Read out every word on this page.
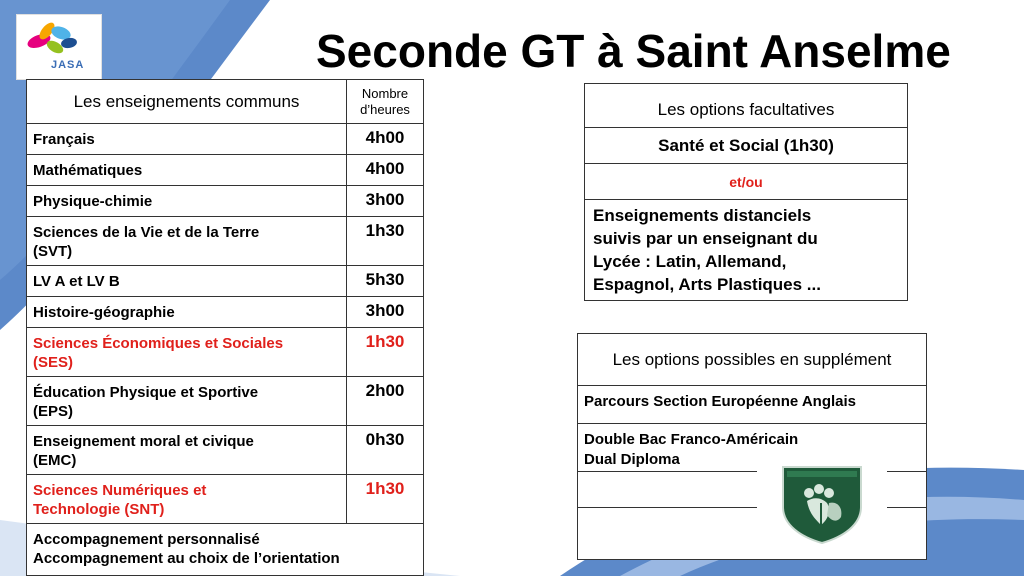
JASA	Seconde GT à Saint Anselme
Les enseignements communs	Nombre
d’heures

Français	4h00
Mathématiques	4h00
Physique-chimie	3h00

Sciences de la Vie et de la Terre
(SVT)	1h30
LV A et LV B	5h30
Histoire-géographie	3h00

Sciences Économiques et Sociales
(SES)	1h30

Éducation Physique et Sportive
(EPS)	2h00

Enseignement moral et civique
(EMC)	0h30

Sciences Numériques et
Technologie (SNT)	1h30

Accompagnement personnalisé
Accompagnement au choix de l’orientation	
Les options facultatives
Santé et Social (1h30)
et/ou

Enseignements distanciels
suivis par un enseignant du
Lycée : Latin, Allemand,
Espagnol, Arts Plastiques ...
Les options possibles en supplément
Parcours Section Européenne Anglais

Double Bac Franco-Américain
Dual Diploma
